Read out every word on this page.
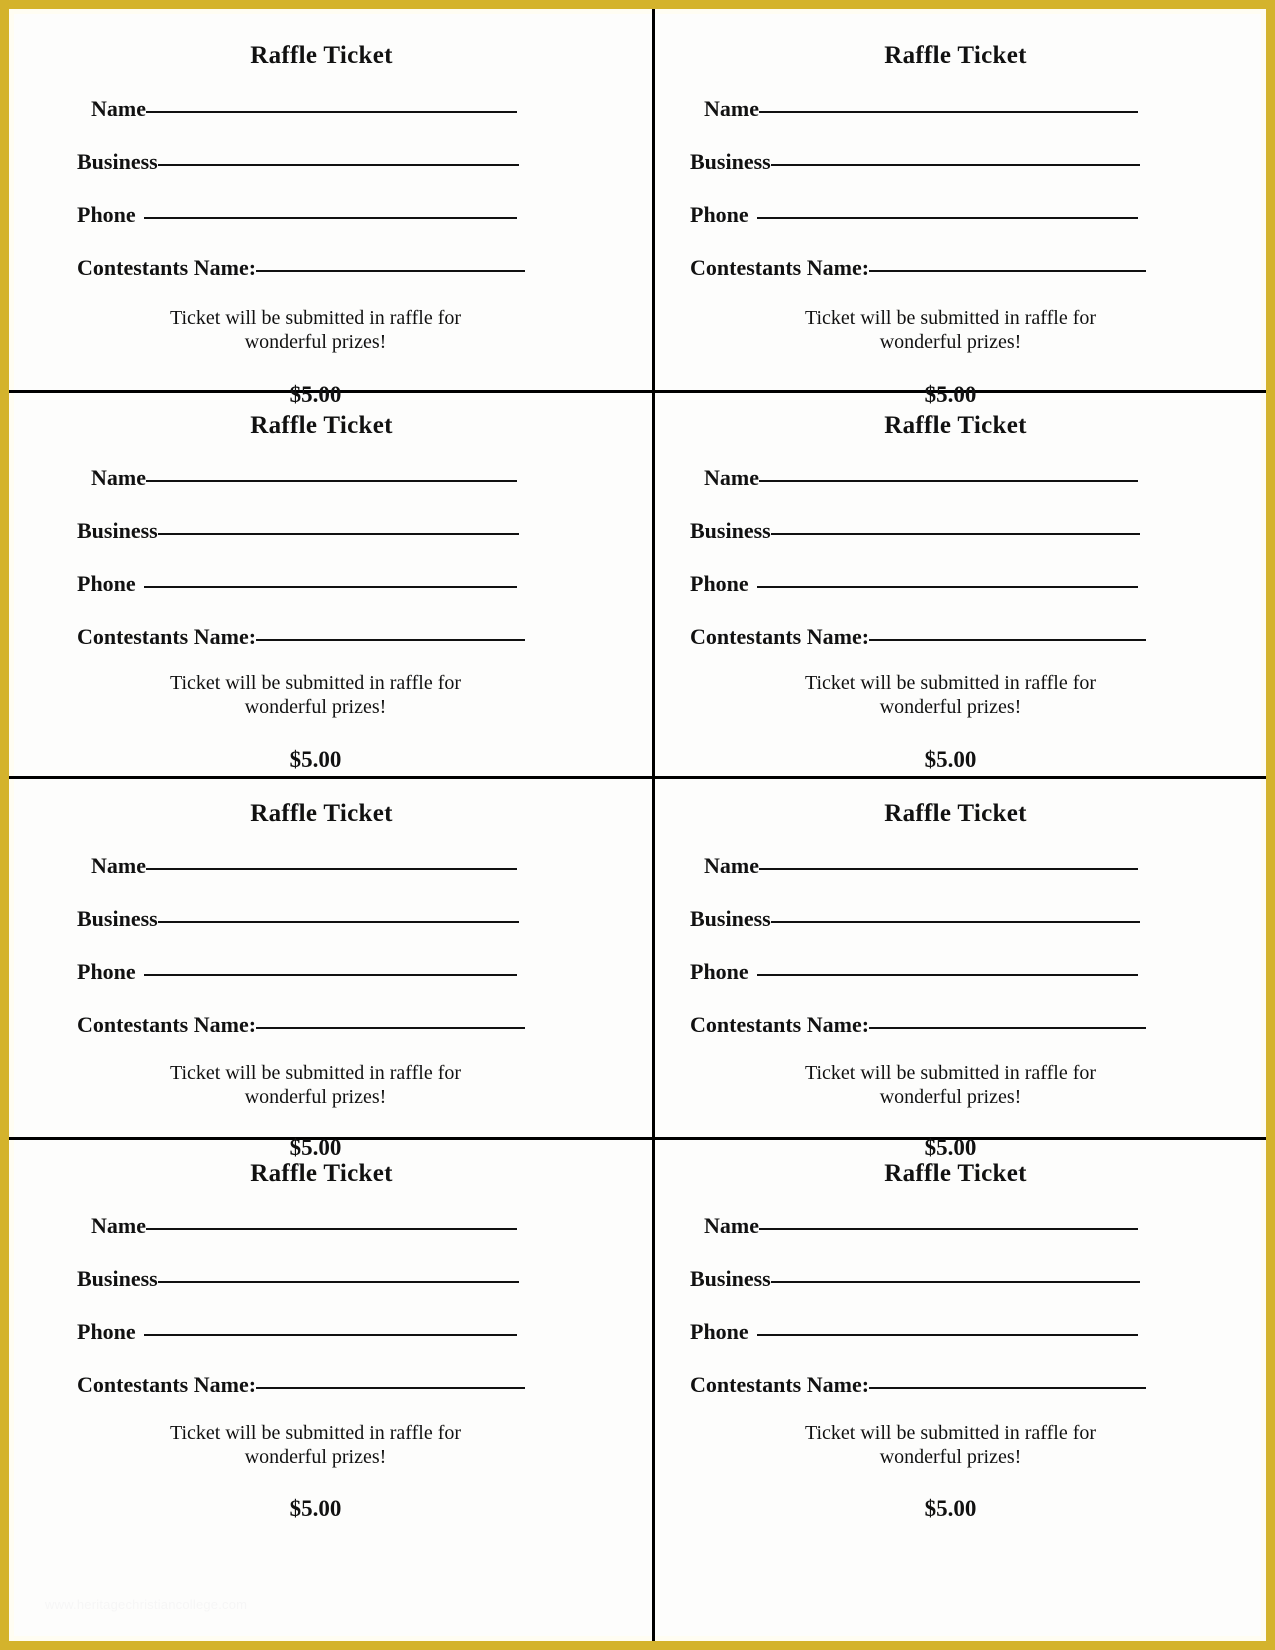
Raffle Ticket
Name
Business
Phone
Contestants Name:
Ticket will be submitted in raffle for
wonderful prizes!
$5.00
Raffle Ticket
Name
Business
Phone
Contestants Name:
Ticket will be submitted in raffle for
wonderful prizes!
$5.00
Raffle Ticket
Name
Business
Phone
Contestants Name:
Ticket will be submitted in raffle for
wonderful prizes!
$5.00
Raffle Ticket
Name
Business
Phone
Contestants Name:
Ticket will be submitted in raffle for
wonderful prizes!
$5.00
Raffle Ticket
Name
Business
Phone
Contestants Name:
Ticket will be submitted in raffle for
wonderful prizes!
$5.00
Raffle Ticket
Name
Business
Phone
Contestants Name:
Ticket will be submitted in raffle for
wonderful prizes!
$5.00
Raffle Ticket
Name
Business
Phone
Contestants Name:
Ticket will be submitted in raffle for
wonderful prizes!
$5.00
Raffle Ticket
Name
Business
Phone
Contestants Name:
Ticket will be submitted in raffle for
wonderful prizes!
$5.00
www.heritagechristiancollege.com
